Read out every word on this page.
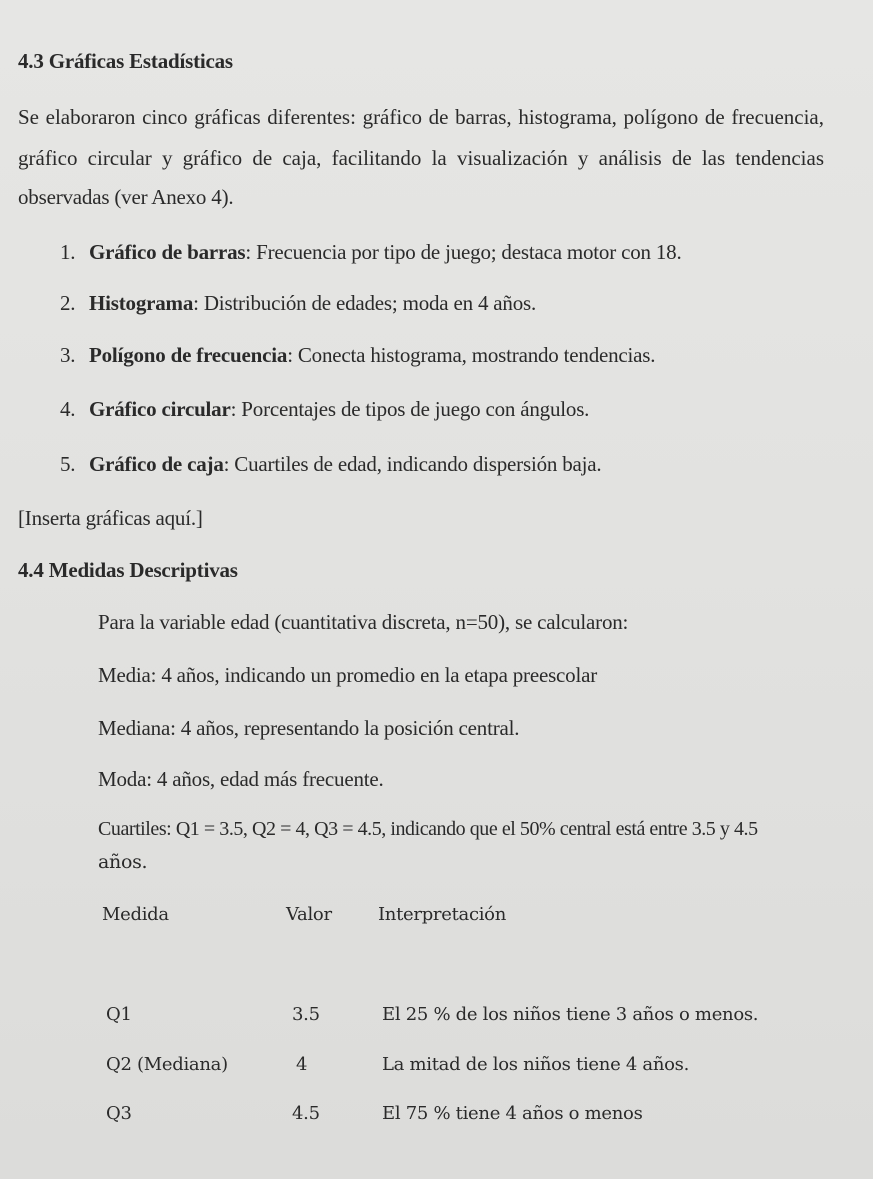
4.3 Gráficas Estadísticas
Se elaboraron cinco gráficas diferentes: gráfico de barras, histograma, polígono de frecuencia,
gráfico circular y gráfico de caja, facilitando la visualización y análisis de las tendencias
observadas (ver Anexo 4).
1. Gráfico de barras: Frecuencia por tipo de juego; destaca motor con 18.
2. Histograma: Distribución de edades; moda en 4 años.
3. Polígono de frecuencia: Conecta histograma, mostrando tendencias.
4. Gráfico circular: Porcentajes de tipos de juego con ángulos.
5. Gráfico de caja: Cuartiles de edad, indicando dispersión baja.
[Inserta gráficas aquí.]
4.4 Medidas Descriptivas
Para la variable edad (cuantitativa discreta, n=50), se calcularon:
Media: 4 años, indicando un promedio en la etapa preescolar
Mediana: 4 años, representando la posición central.
Moda: 4 años, edad más frecuente.
Cuartiles: Q1 = 3.5, Q2 = 4, Q3 = 4.5, indicando que el 50% central está entre 3.5 y 4.5
años.
Medida	Valor	Interpretación
Q1	3.5	El 25 % de los niños tiene 3 años o menos.
Q2 (Mediana)	4	La mitad de los niños tiene 4 años.
Q3	4.5	El 75 % tiene 4 años o menos
